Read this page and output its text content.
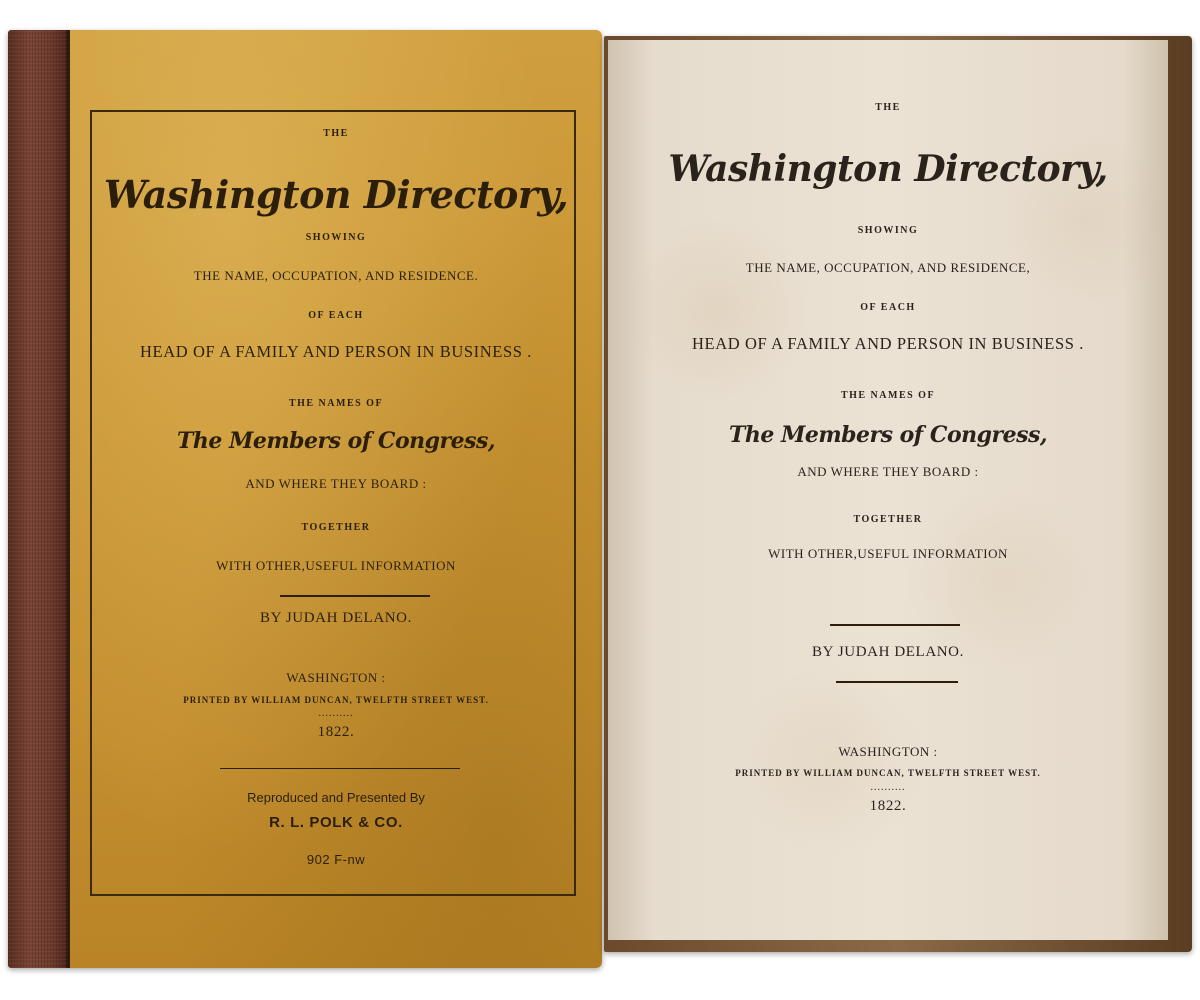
THE
Washington Directory,
SHOWING
THE NAME, OCCUPATION, AND RESIDENCE.
OF EACH
HEAD OF A FAMILY AND PERSON IN BUSINESS .
THE NAMES OF
The Members of Congress,
AND WHERE THEY BOARD :
TOGETHER
WITH OTHER,USEFUL INFORMATION
BY JUDAH DELANO.
WASHINGTON :
PRINTED BY WILLIAM DUNCAN, TWELFTH STREET WEST.
..........
1822.
Reproduced and Presented By
R. L. POLK & CO.
902 F-nw
THE
Washington Directory,
SHOWING
THE NAME, OCCUPATION, AND RESIDENCE,
OF EACH
HEAD OF A FAMILY AND PERSON IN BUSINESS .
THE NAMES OF
The Members of Congress,
AND WHERE THEY BOARD :
TOGETHER
WITH OTHER,USEFUL INFORMATION
BY JUDAH DELANO.
WASHINGTON :
PRINTED BY WILLIAM DUNCAN, TWELFTH STREET WEST.
..........
1822.
